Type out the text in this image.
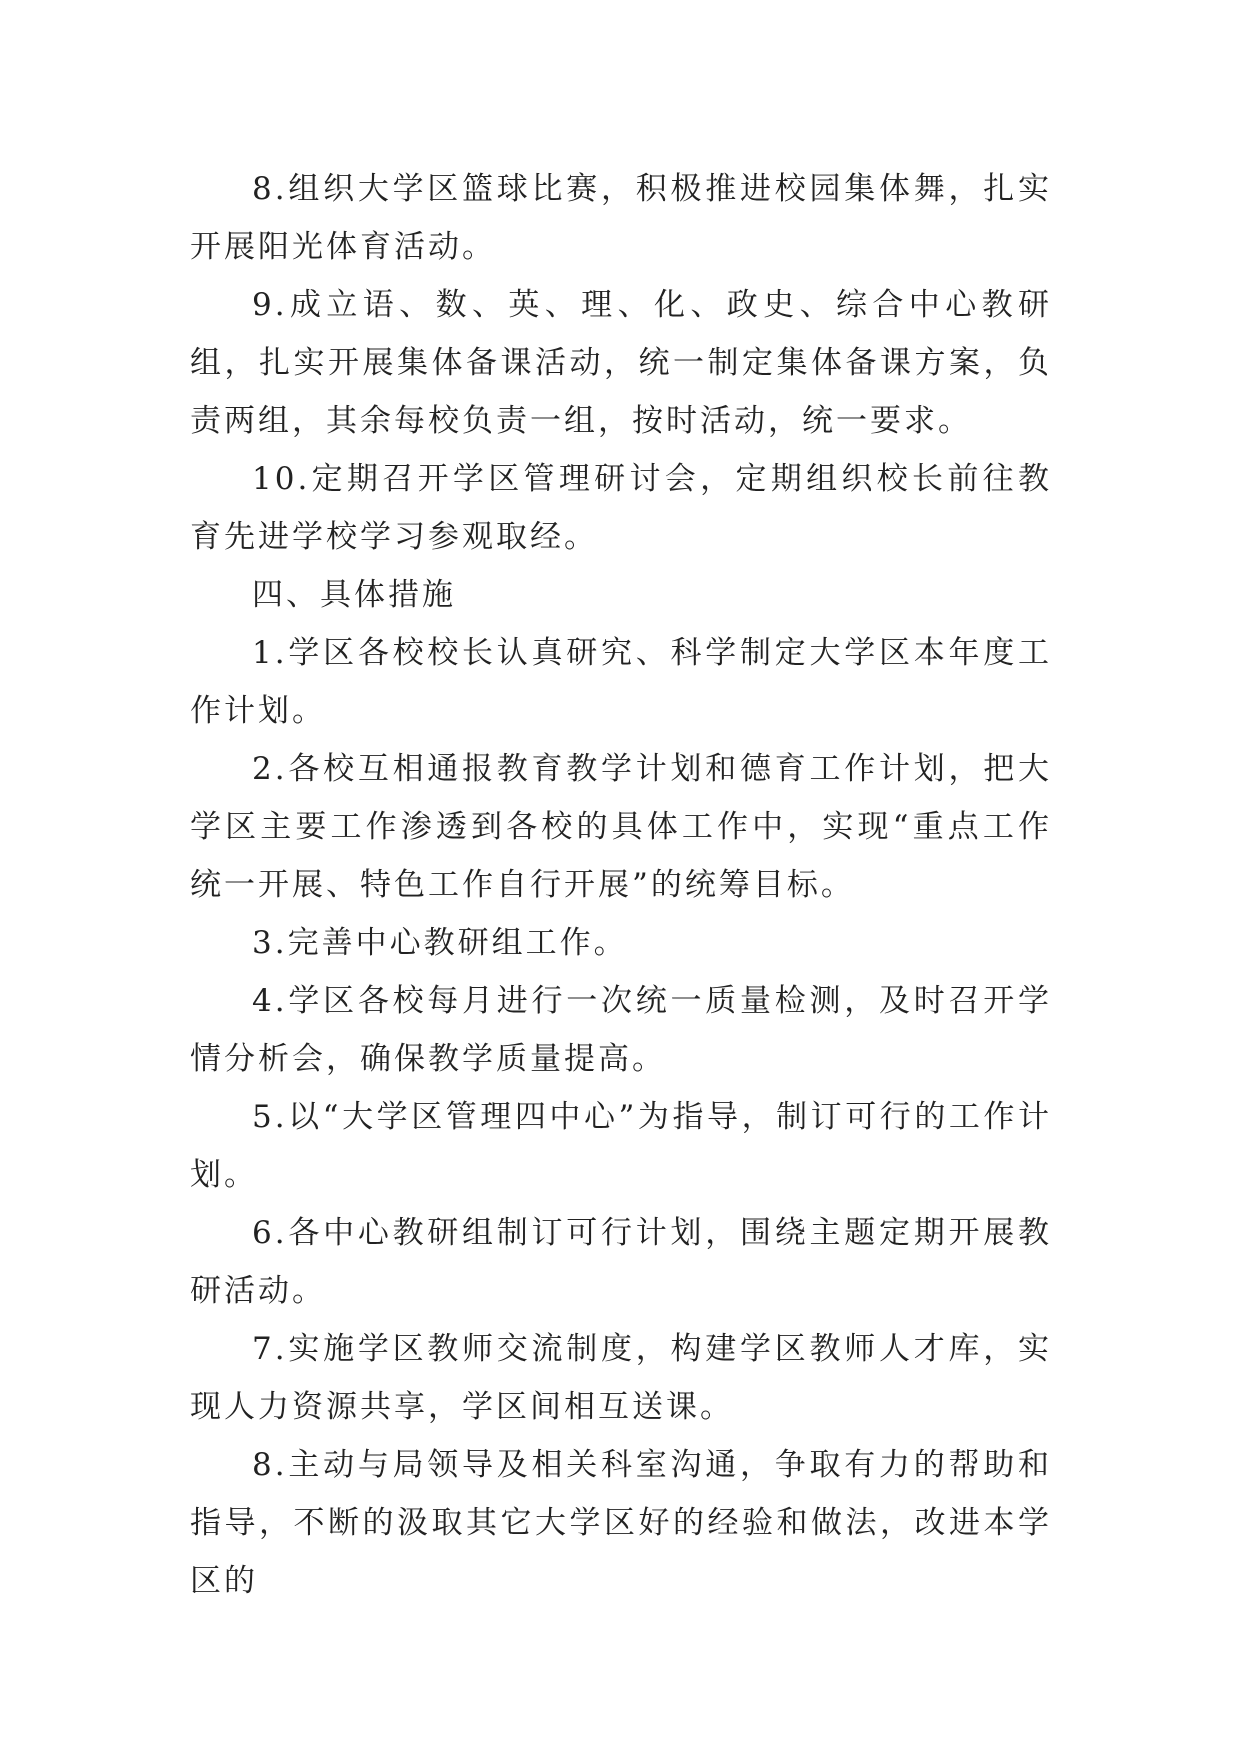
8.组织大学区篮球比赛，积极推进校园集体舞，扎实开展阳光体育活动。

9.成立语、数、英、理、化、政史、综合中心教研组，扎实开展集体备课活动，统一制定集体备课方案，负责两组，其余每校负责一组，按时活动，统一要求。

10.定期召开学区管理研讨会，定期组织校长前往教育先进学校学习参观取经。

四、具体措施

1.学区各校校长认真研究、科学制定大学区本年度工作计划。

2.各校互相通报教育教学计划和德育工作计划，把大学区主要工作渗透到各校的具体工作中，实现“重点工作统一开展、特色工作自行开展”的统筹目标。

3.完善中心教研组工作。

4.学区各校每月进行一次统一质量检测，及时召开学情分析会，确保教学质量提高。

5.以“大学区管理四中心”为指导，制订可行的工作计划。

6.各中心教研组制订可行计划，围绕主题定期开展教研活动。

7.实施学区教师交流制度，构建学区教师人才库，实现人力资源共享，学区间相互送课。

8.主动与局领导及相关科室沟通，争取有力的帮助和指导，不断的汲取其它大学区好的经验和做法，改进本学区的
